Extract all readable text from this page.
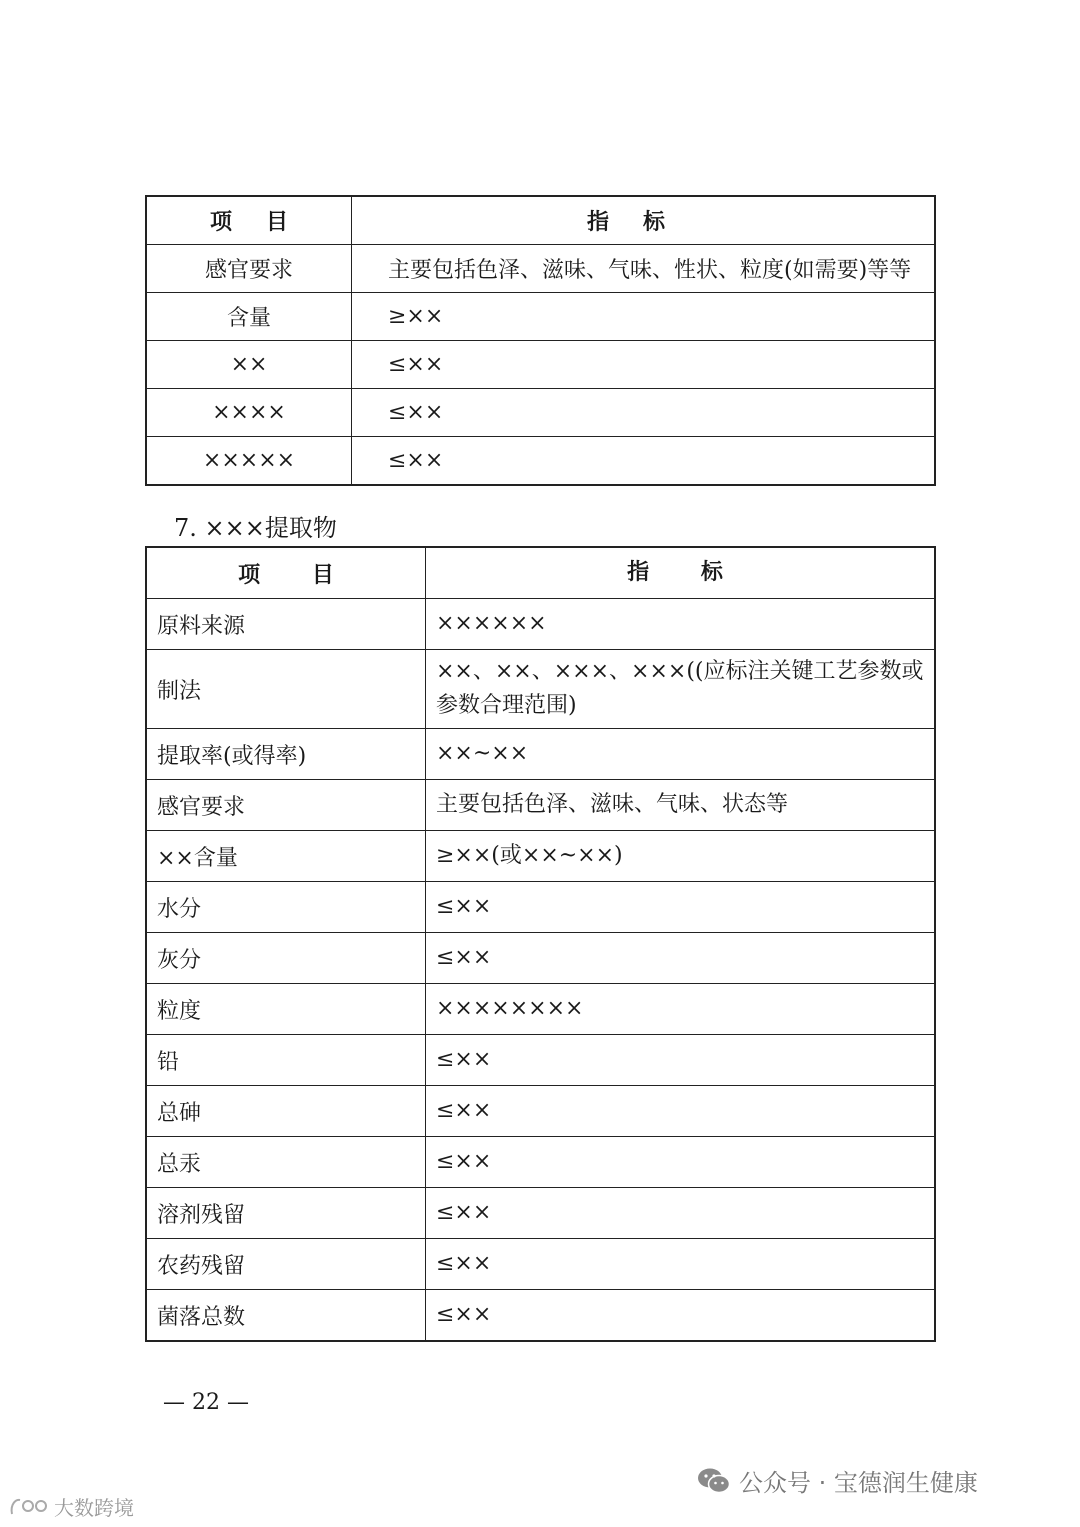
项目	指标
感官要求	主要包括色泽、滋味、气味、性状、粒度(如需要)等等
含量	≥××
××	≤××
××××	≤××
×××××	≤××
7. ×××提取物
项 目	指 标
原料来源	××××××
制法	××、××、×××、×××((应标注关键工艺参数或参数合理范围)
提取率(或得率)	××~××
感官要求	主要包括色泽、滋味、气味、状态等
××含量	≥××(或××~××)
水分	≤××
灰分	≤××
粒度	××××××××
铅	≤××
总砷	≤××
总汞	≤××
溶剂残留	≤××
农药残留	≤××
菌落总数	≤××
— 22 —
公众号 · 宝德润生健康
大数跨境
